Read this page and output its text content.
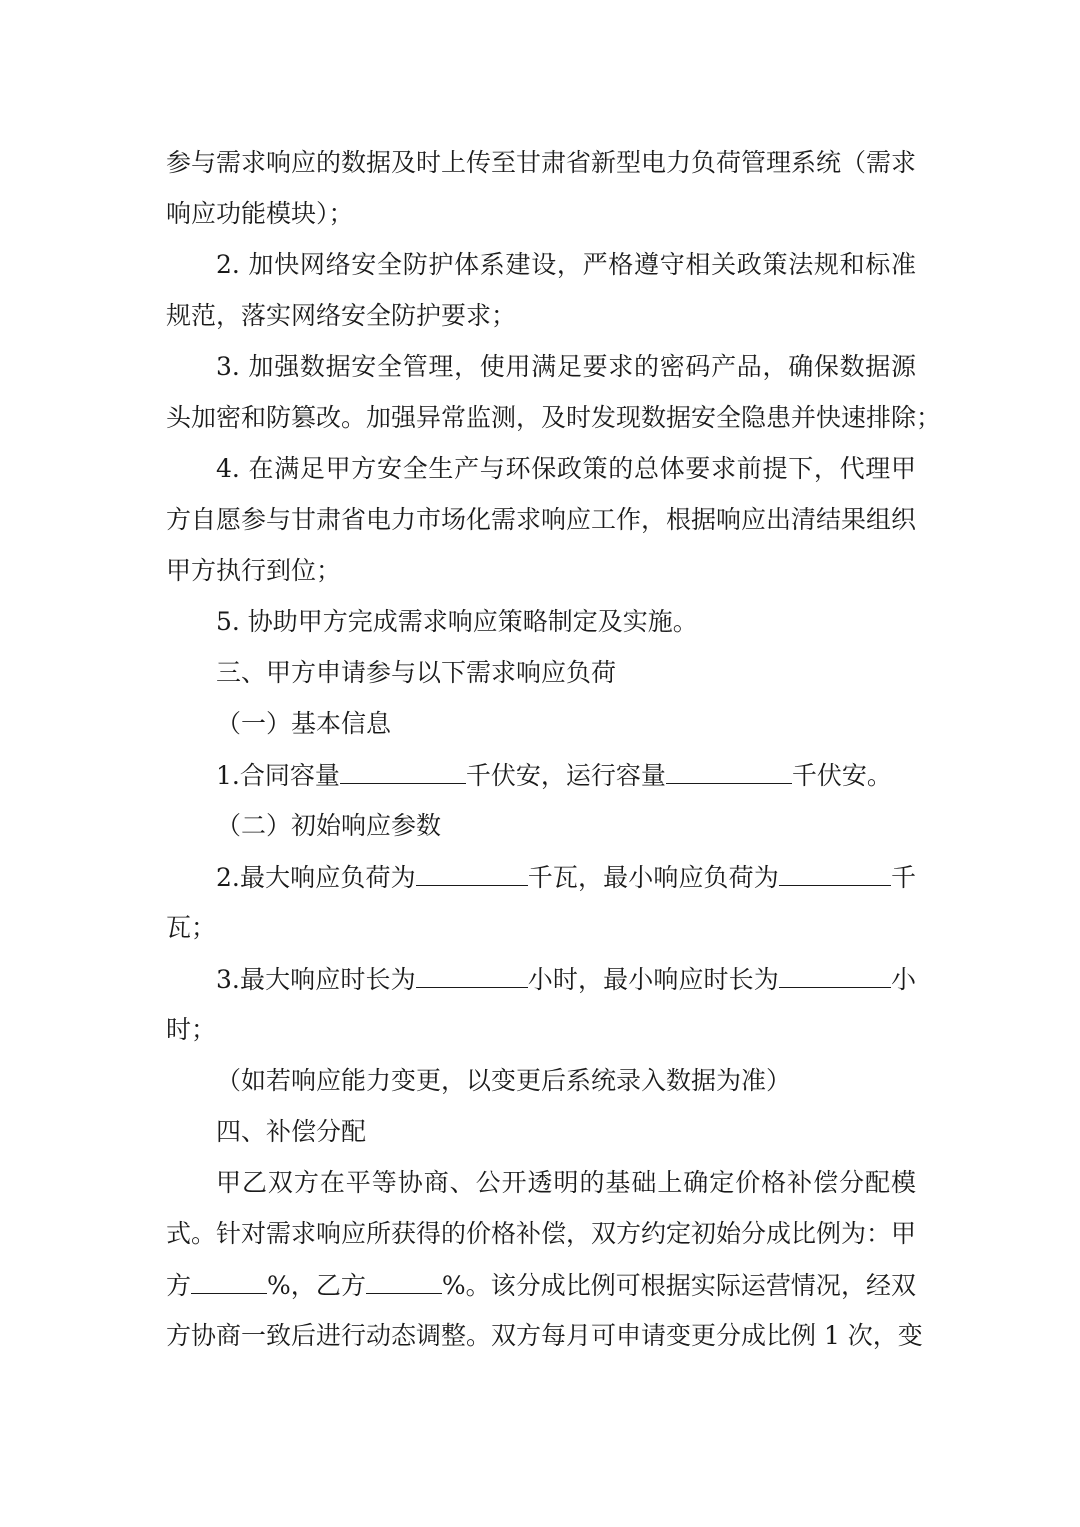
参与需求响应的数据及时上传至甘肃省新型电力负荷管理系统（需求
响应功能模块）；
2. 加快网络安全防护体系建设，严格遵守相关政策法规和标准
规范，落实网络安全防护要求；
3. 加强数据安全管理，使用满足要求的密码产品，确保数据源
头加密和防篡改。加强异常监测，及时发现数据安全隐患并快速排除；
4. 在满足甲方安全生产与环保政策的总体要求前提下，代理甲
方自愿参与甘肃省电力市场化需求响应工作，根据响应出清结果组织
甲方执行到位；
5. 协助甲方完成需求响应策略制定及实施。
三、甲方申请参与以下需求响应负荷
（一）基本信息
1.合同容量	千伏安，运行容量	千伏安。
（二）初始响应参数
2.最大响应负荷为	千瓦，最小响应负荷为	千
瓦；
3.最大响应时长为	小时，最小响应时长为	小
时；
（如若响应能力变更，以变更后系统录入数据为准）
四、补偿分配
甲乙双方在平等协商、公开透明的基础上确定价格补偿分配模
式。针对需求响应所获得的价格补偿，双方约定初始分成比例为：甲
方	%，乙方	%。该分成比例可根据实际运营情况，经双
方协商一致后进行动态调整。双方每月可申请变更分成比例 1 次，变
